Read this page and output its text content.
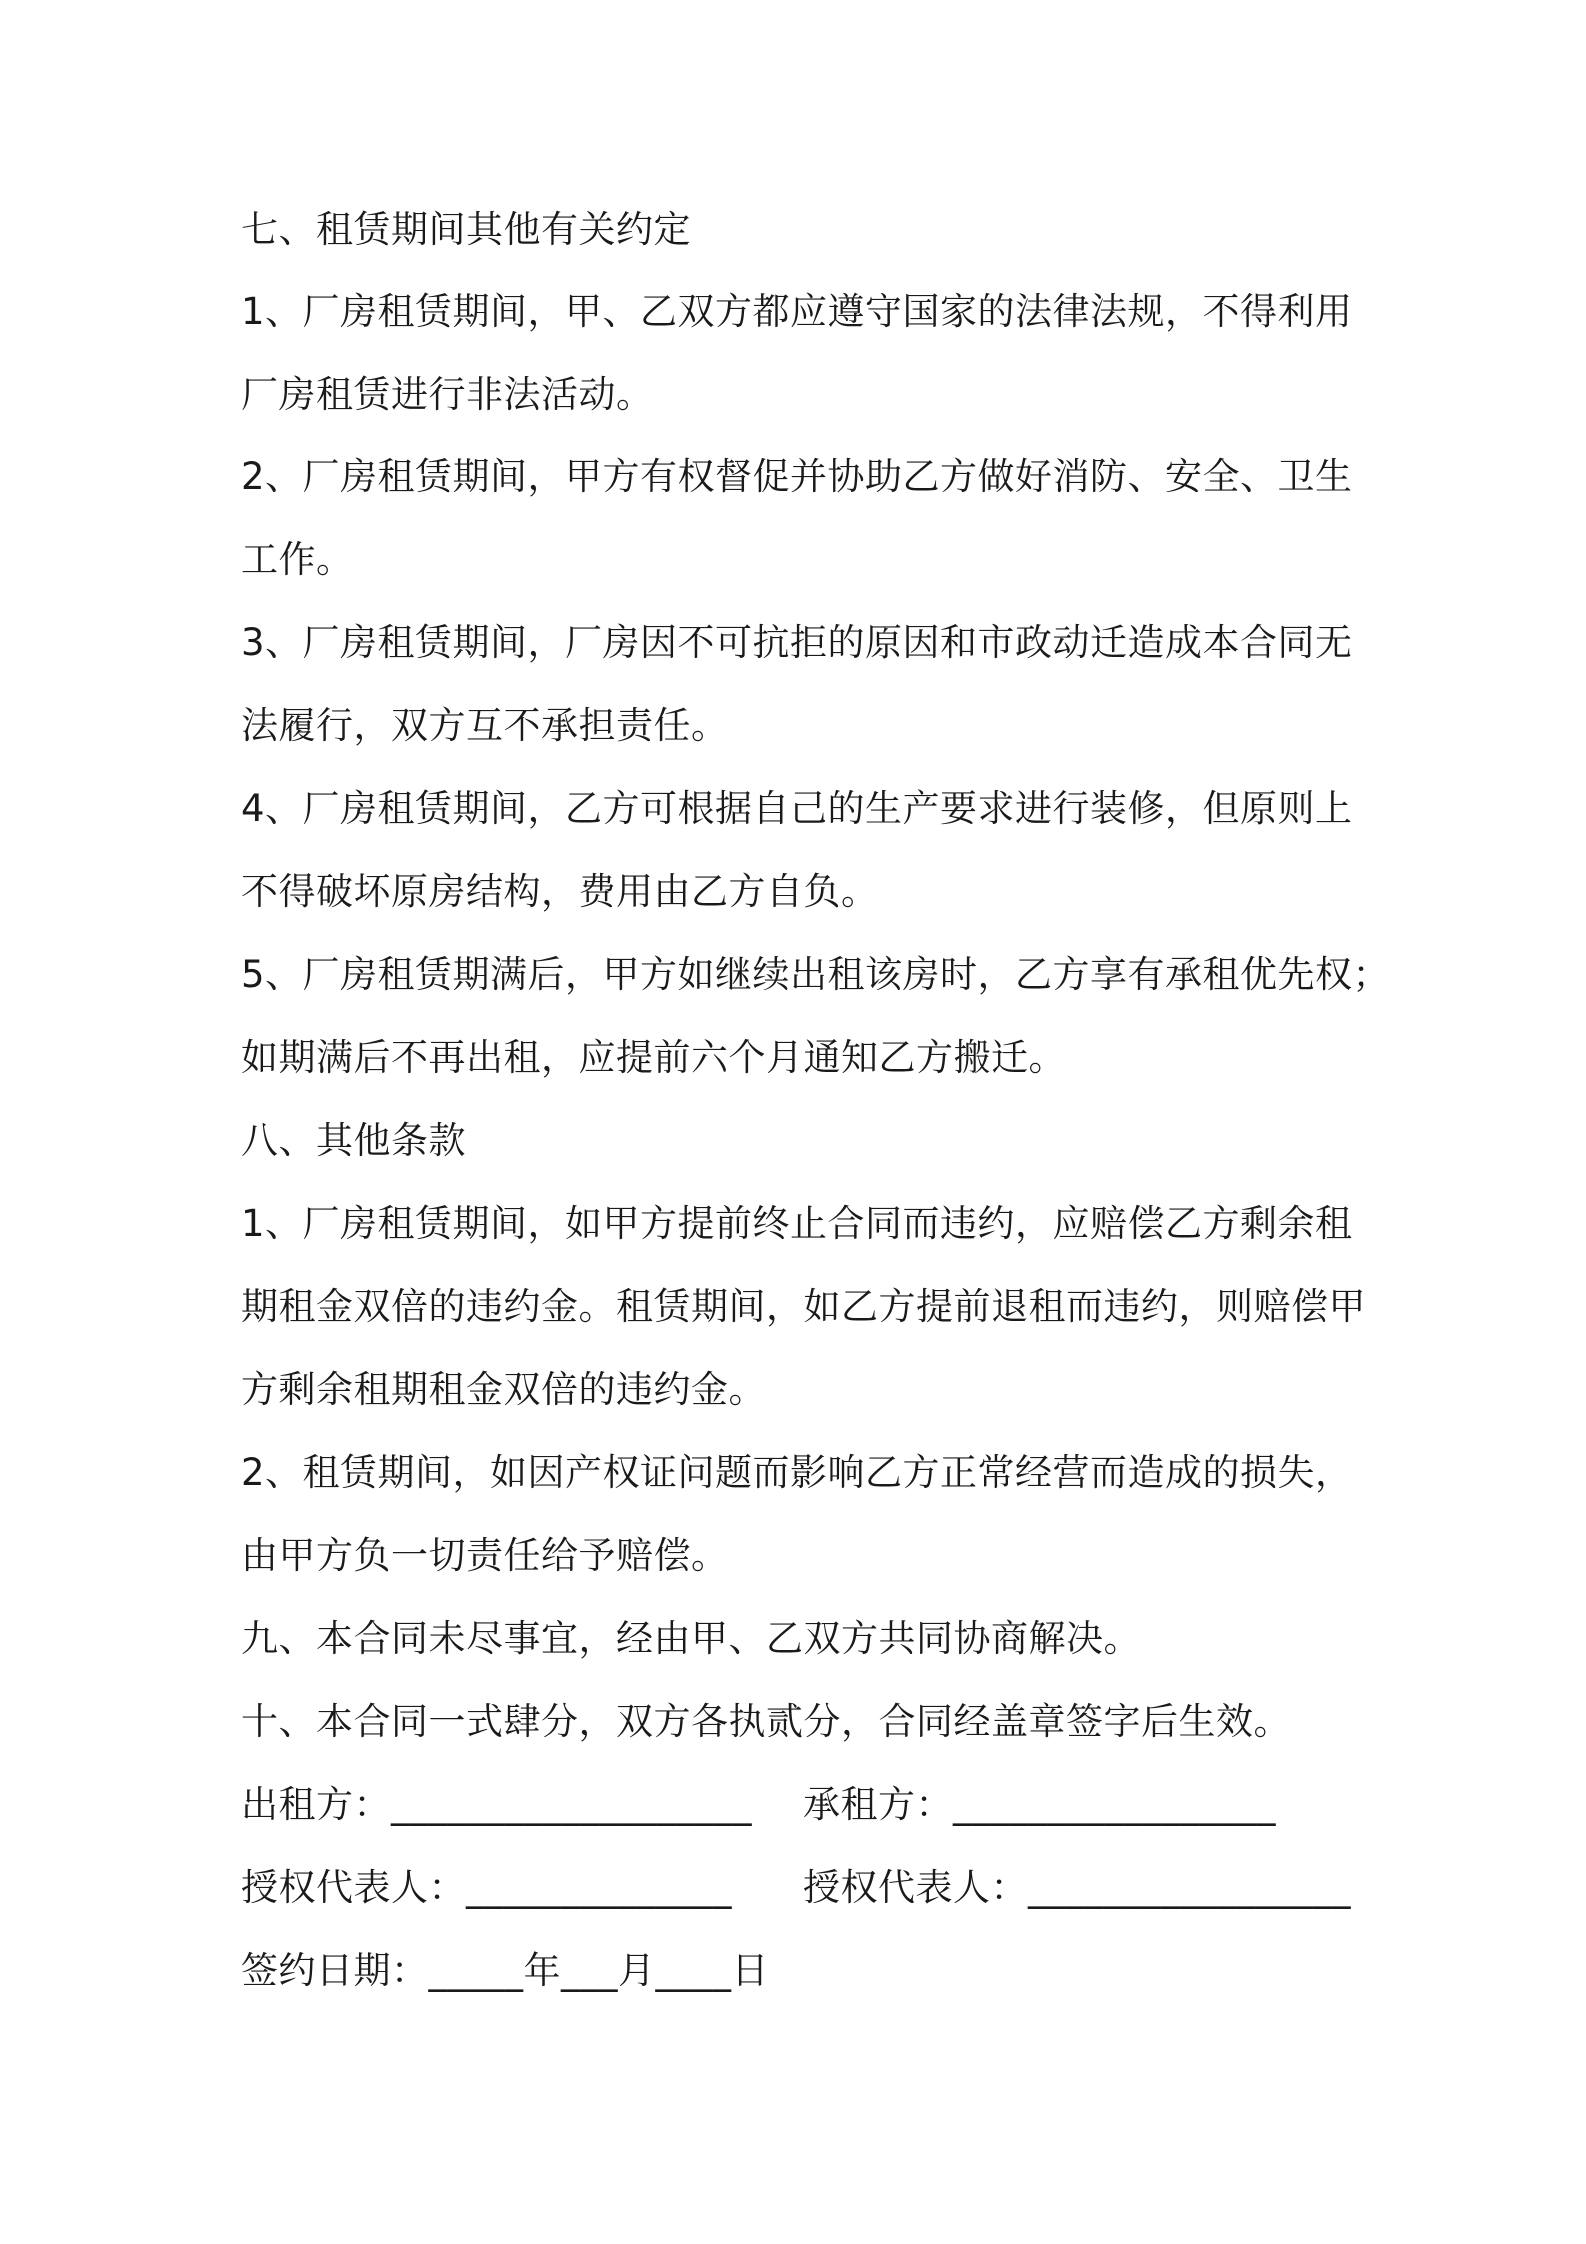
七、租赁期间其他有关约定
1、厂房租赁期间，甲、乙双方都应遵守国家的法律法规，不得利用
厂房租赁进行非法活动。
2、厂房租赁期间，甲方有权督促并协助乙方做好消防、安全、卫生
工作。
3、厂房租赁期间，厂房因不可抗拒的原因和市政动迁造成本合同无
法履行，双方互不承担责任。
4、厂房租赁期间，乙方可根据自己的生产要求进行装修，但原则上
不得破坏原房结构，费用由乙方自负。
5、厂房租赁期满后，甲方如继续出租该房时，乙方享有承租优先权；
如期满后不再出租，应提前六个月通知乙方搬迁。
八、其他条款
1、厂房租赁期间，如甲方提前终止合同而违约，应赔偿乙方剩余租
期租金双倍的违约金。租赁期间，如乙方提前退租而违约，则赔偿甲
方剩余租期租金双倍的违约金。
2、租赁期间，如因产权证问题而影响乙方正常经营而造成的损失，
由甲方负一切责任给予赔偿。
九、本合同未尽事宜，经由甲、乙双方共同协商解决。
十、本合同一式肆分，双方各执贰分，合同经盖章签字后生效。
出租方：___________________ 承租方：_________________
授权代表人：______________ 授权代表人：_________________
签约日期：_____年___月____日
